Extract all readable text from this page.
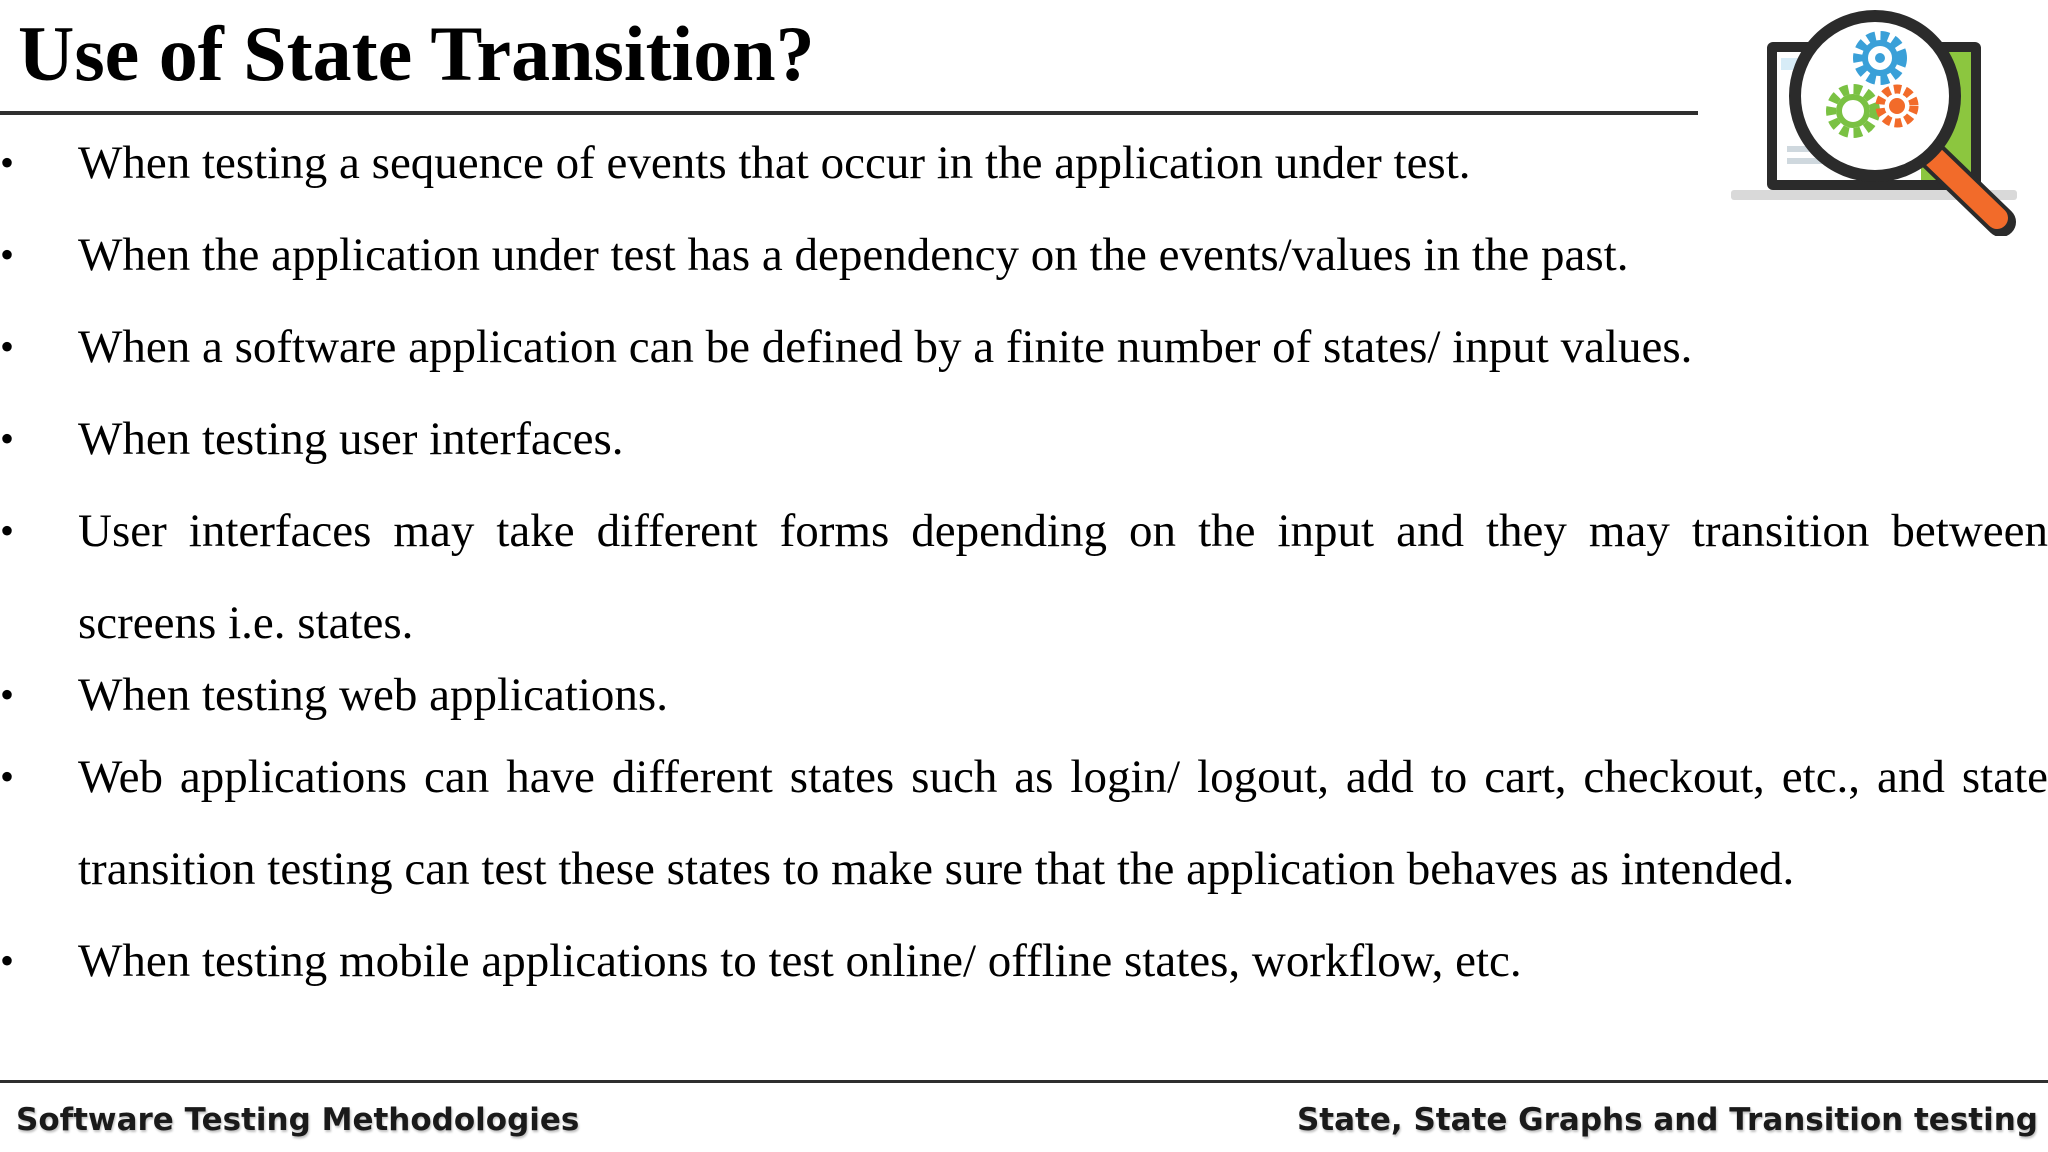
Use of State Transition?
•	When testing a sequence of events that occur in the application under test.
•	When the application under test has a dependency on the events/values in the past.
•	When a software application can be defined by a finite number of states/ input values.
•	When testing user interfaces.
•	User interfaces may take different forms depending on the input and they may transition between screens i.e. states.
•	When testing web applications.
•	Web applications can have different states such as login/ logout, add to cart, checkout, etc., and state transition testing can test these states to make sure that the application behaves as intended.
•	When testing mobile applications to test online/ offline states, workflow, etc.
Software Testing Methodologies	State, State Graphs and Transition testing
